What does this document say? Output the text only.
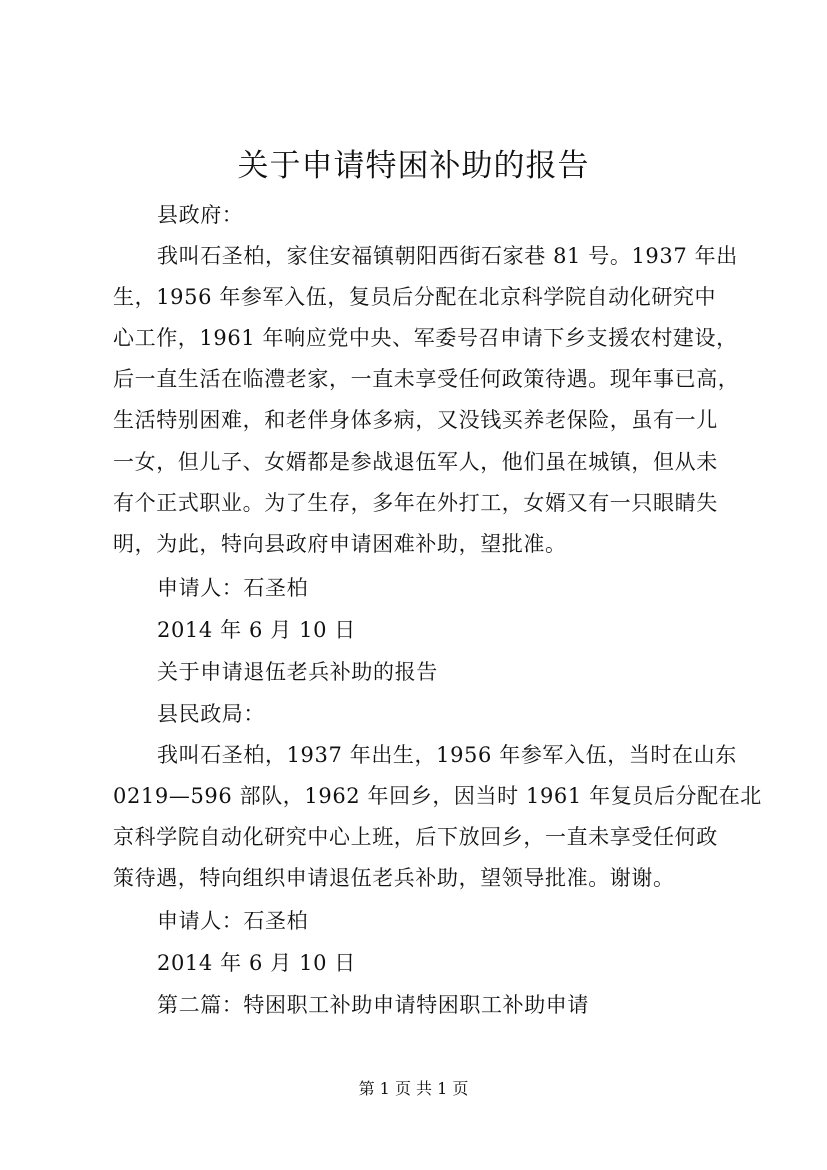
关于申请特困补助的报告
县政府：
我叫石圣柏，家住安福镇朝阳西街石家巷 81 号。1937 年出
生，1956 年参军入伍，复员后分配在北京科学院自动化研究中
心工作，1961 年响应党中央、军委号召申请下乡支援农村建设，
后一直生活在临澧老家，一直未享受任何政策待遇。现年事已高，
生活特别困难，和老伴身体多病，又没钱买养老保险，虽有一儿
一女，但儿子、女婿都是参战退伍军人，他们虽在城镇，但从未
有个正式职业。为了生存，多年在外打工，女婿又有一只眼睛失
明，为此，特向县政府申请困难补助，望批准。
申请人：石圣柏
2014 年 6 月 10 日
关于申请退伍老兵补助的报告
县民政局：
我叫石圣柏，1937 年出生，1956 年参军入伍，当时在山东
0219—596 部队，1962 年回乡，因当时 1961 年复员后分配在北
京科学院自动化研究中心上班，后下放回乡，一直未享受任何政
策待遇，特向组织申请退伍老兵补助，望领导批准。谢谢。
申请人：石圣柏
2014 年 6 月 10 日
第二篇：特困职工补助申请特困职工补助申请
第 1 页 共 1 页
